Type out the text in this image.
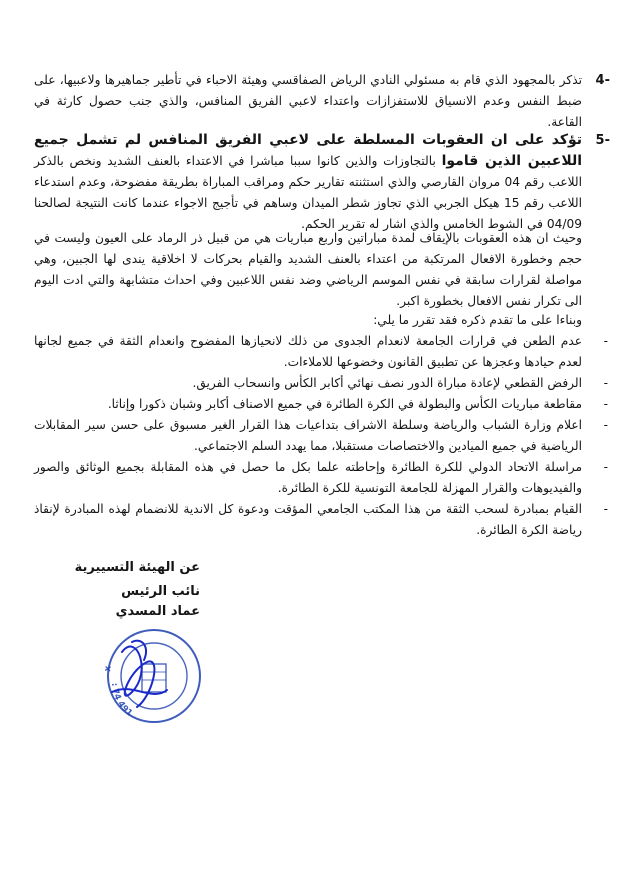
4-
تذكر بالمجهود الذي قام به مسئولي النادي الرياض الصفاقسي وهيئة الاحباء في تأطير جماهيرها ولاعبيها، على ضبط النفس وعدم الانسياق للاستفزازات واعتداء لاعبي الفريق المنافس، والذي جنب حصول كارثة في القاعة.
5-
تؤكد على ان العقوبات المسلطة على لاعبي الفريق المنافس لم تشمل جميع اللاعبين الذين قاموا بالتجاوزات والذين كانوا سببا مباشرا في الاعتداء بالعنف الشديد ونخص بالذكر اللاعب رقم 04 مروان القارصي والذي استثنته تقارير حكم ومراقب المباراة بطريقة مفضوحة، وعدم استدعاء اللاعب رقم 15 هيكل الجربي الذي تجاوز شطر الميدان وساهم في تأجيج الاجواء عندما كانت النتيجة لصالحنا 04/09 في الشوط الخامس والذي اشار له تقرير الحكم.
وحيث ان هذه العقوبات بالإيقاف لمدة مباراتين واربع مباريات هي من قبيل ذر الرماد على العيون وليست في حجم وخطورة الافعال المرتكبة من اعتداء بالعنف الشديد والقيام بحركات لا اخلاقية يندى لها الجبين، وهي مواصلة لقرارات سابقة في نفس الموسم الرياضي وضد نفس اللاعبين وفي احداث متشابهة والتي ادت اليوم الى تكرار نفس الافعال بخطورة اكبر.
وبناءا على ما تقدم ذكره فقد تقرر ما يلي:
-
عدم الطعن في قرارات الجامعة لانعدام الجدوى من ذلك لانحيازها المفضوح وانعدام الثقة في جميع لجانها لعدم حيادها وعجزها عن تطبيق القانون وخضوعها للاملاءات.
-
الرفض القطعي لإعادة مباراة الدور نصف نهائي أكابر الكأس وانسحاب الفريق.
-
مقاطعة مباريات الكأس والبطولة في الكرة الطائرة في جميع الاصناف أكابر وشبان ذكورا وإناثا.
-
اعلام وزارة الشباب والرياضة وسلطة الاشراف بتداعيات هذا القرار الغير مسبوق على حسن سير المقابلات الرياضية في جميع الميادين والاختصاصات مستقبلا، مما يهدد السلم الاجتماعي.
-
مراسلة الاتحاد الدولي للكرة الطائرة وإحاطته علما بكل ما حصل في هذه المقابلة بجميع الوثائق والصور والفيديوهات والقرار المهزلة للجامعة التونسية للكرة الطائرة.
-
القيام بمبادرة لسحب الثقة من هذا المكتب الجامعي المؤقت ودعوة كل الاندية للانضمام لهذه المبادرة لإنقاذ رياضة الكرة الطائرة.
عن الهيئة التسييرية
نائب الرئيس
عماد المسدي
x
: 74 491
